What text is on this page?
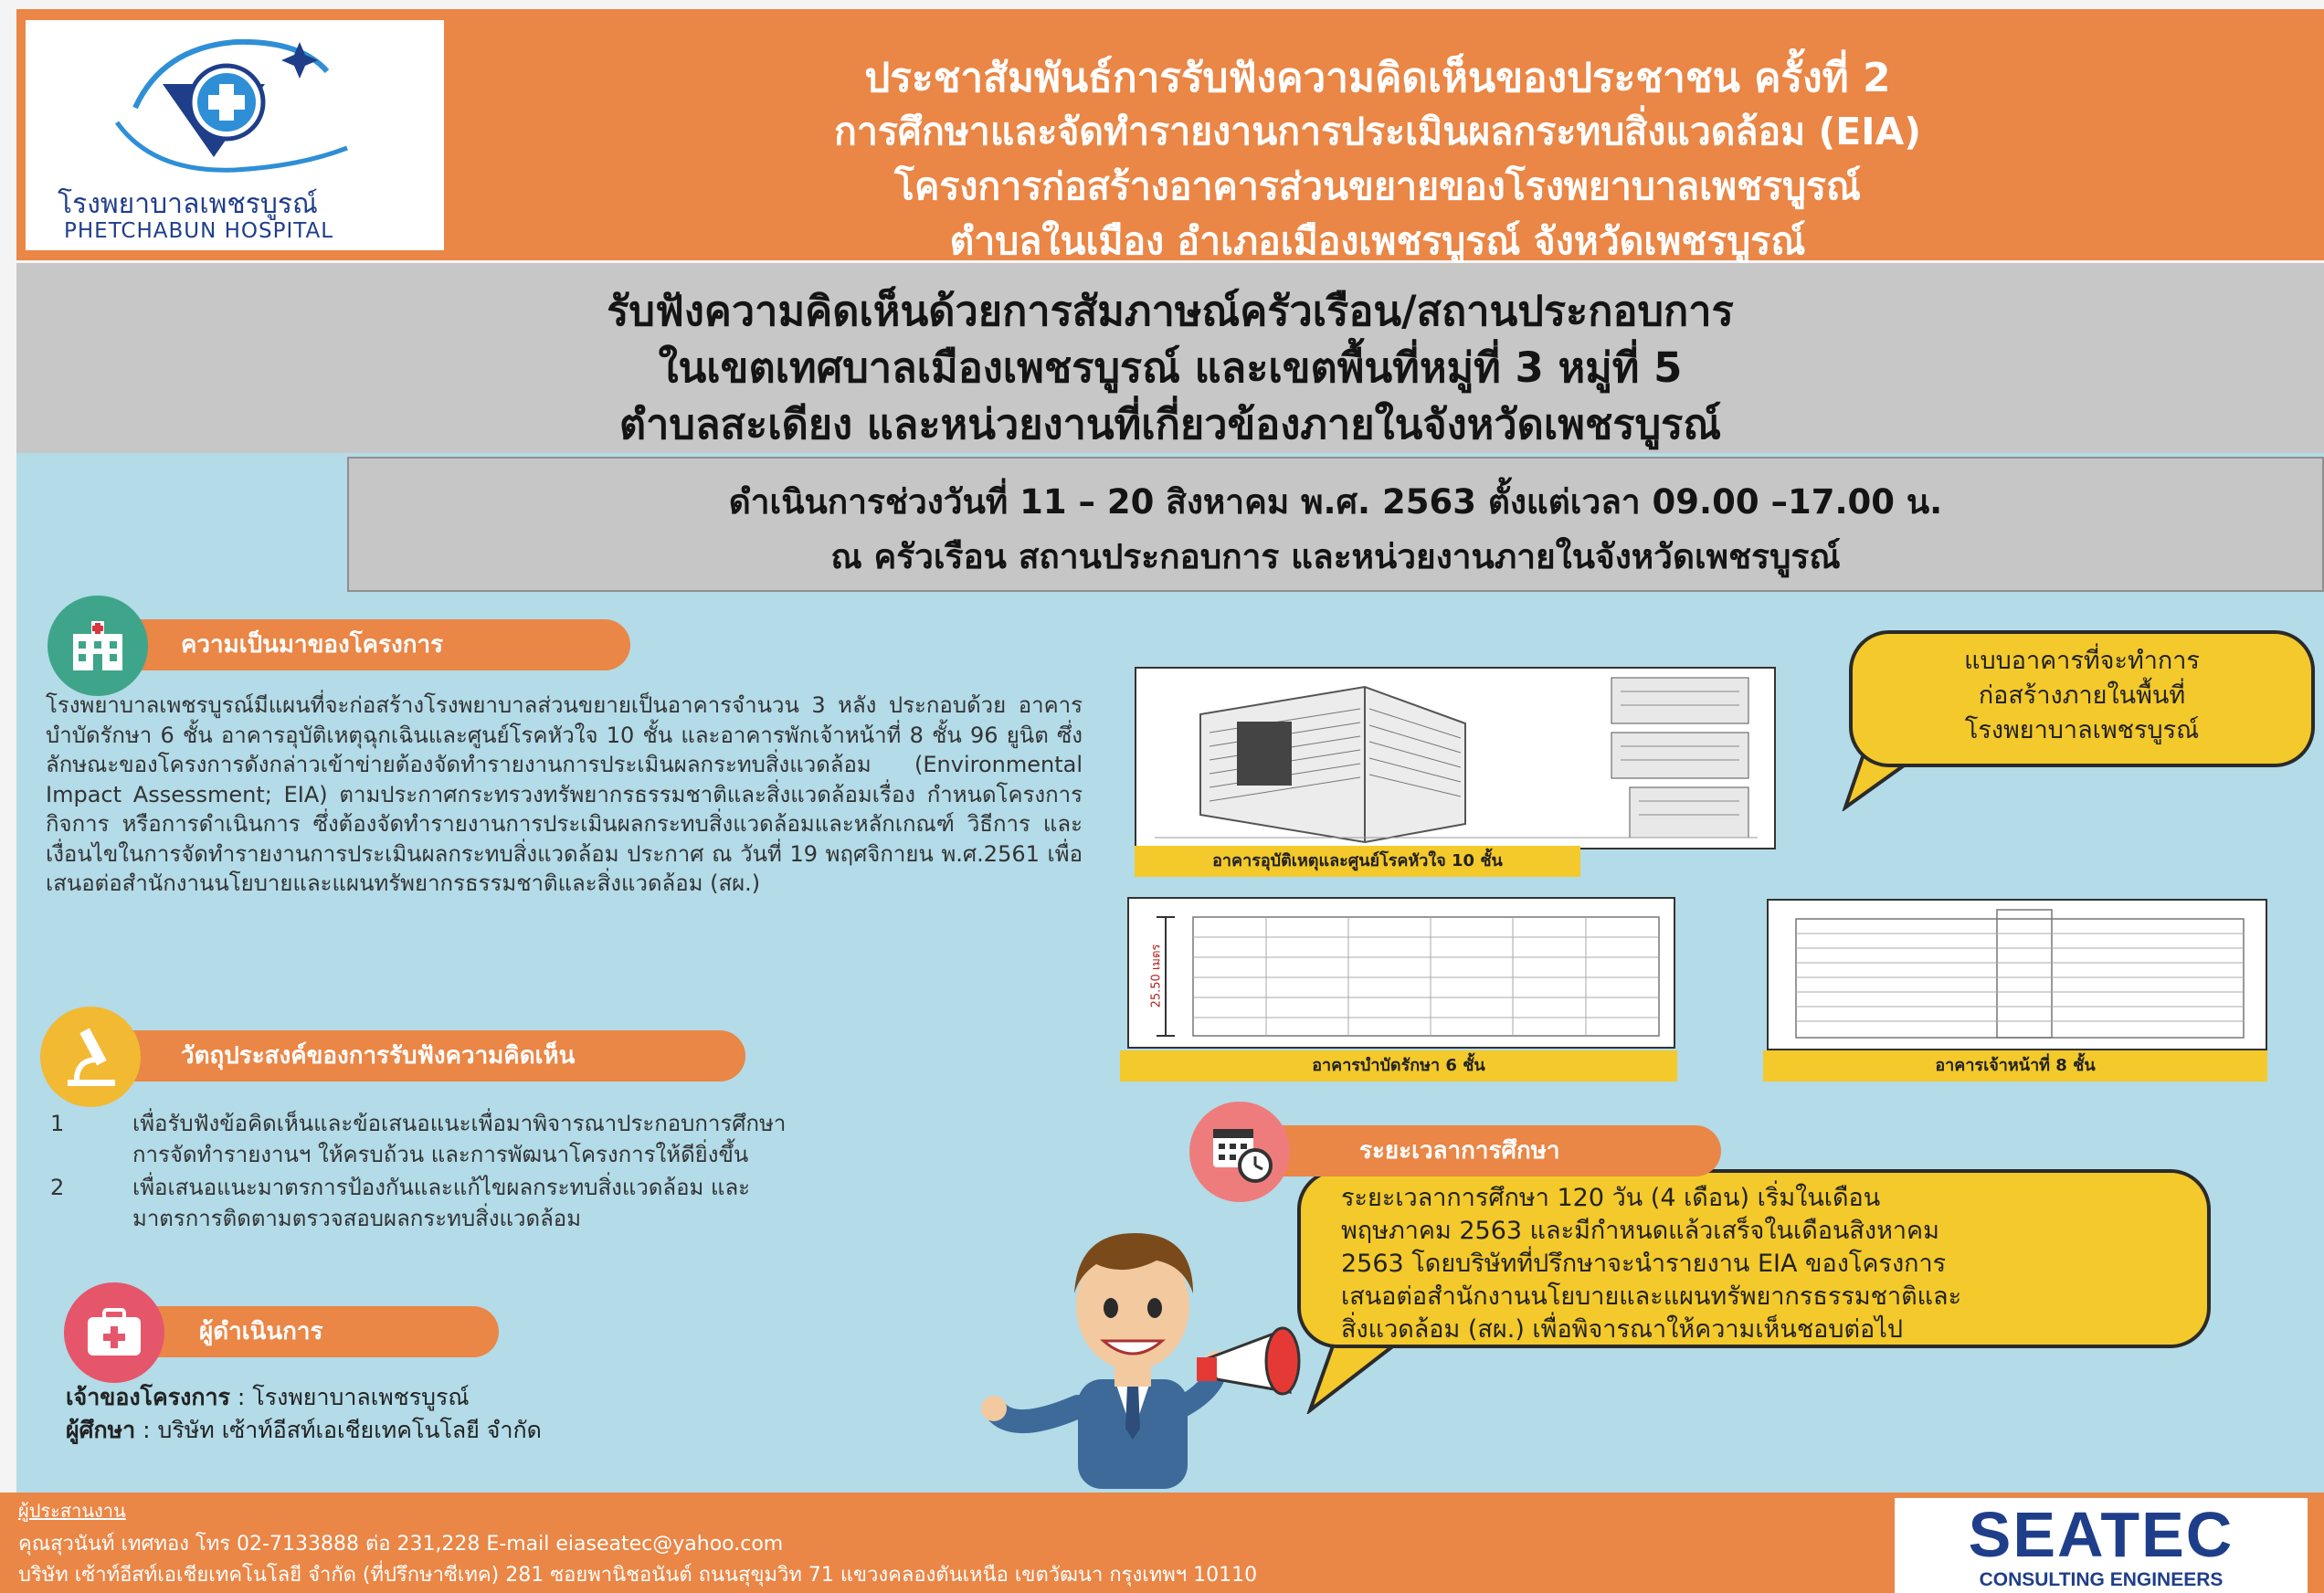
โรงพยาบาลเพชรบูรณ์
PHETCHABUN HOSPITAL
ประชาสัมพันธ์การรับฟังความคิดเห็นของประชาชน ครั้งที่ 2
การศึกษาและจัดทำรายงานการประเมินผลกระทบสิ่งแวดล้อม (EIA)
โครงการก่อสร้างอาคารส่วนขยายของโรงพยาบาลเพชรบูรณ์
ตำบลในเมือง อำเภอเมืองเพชรบูรณ์ จังหวัดเพชรบูรณ์
รับฟังความคิดเห็นด้วยการสัมภาษณ์ครัวเรือน/สถานประกอบการ
ในเขตเทศบาลเมืองเพชรบูรณ์ และเขตพื้นที่หมู่ที่ 3 หมู่ที่ 5
ตำบลสะเดียง และหน่วยงานที่เกี่ยวข้องภายในจังหวัดเพชรบูรณ์
ดำเนินการช่วงวันที่ 11 – 20 สิงหาคม พ.ศ. 2563 ตั้งแต่เวลา 09.00 –17.00 น.
ณ ครัวเรือน สถานประกอบการ และหน่วยงานภายในจังหวัดเพชรบูรณ์
ความเป็นมาของโครงการ
โรงพยาบาลเพชรบูรณ์มีแผนที่จะก่อสร้างโรงพยาบาลส่วนขยายเป็นอาคารจำนวน 3 หลัง ประกอบด้วย อาคารบำบัดรักษา 6 ชั้น อาคารอุบัติเหตุฉุกเฉินและศูนย์โรคหัวใจ 10 ชั้น และอาคารพักเจ้าหน้าที่ 8 ชั้น 96 ยูนิต ซึ่งลักษณะของโครงการดังกล่าวเข้าข่ายต้องจัดทำรายงานการประเมินผลกระทบสิ่งแวดล้อม (Environmental Impact Assessment; EIA) ตามประกาศกระทรวงทรัพยากรธรรมชาติและสิ่งแวดล้อมเรื่อง กำหนดโครงการ กิจการ หรือการดำเนินการ ซึ่งต้องจัดทำรายงานการประเมินผลกระทบสิ่งแวดล้อมและหลักเกณฑ์ วิธีการ และเงื่อนไขในการจัดทำรายงานการประเมินผลกระทบสิ่งแวดล้อม ประกาศ ณ วันที่ 19 พฤศจิกายน พ.ศ.2561 เพื่อเสนอต่อสำนักงานนโยบายและแผนทรัพยากรธรรมชาติและสิ่งแวดล้อม (สผ.)
วัตถุประสงค์ของการรับฟังความคิดเห็น
1	เพื่อรับฟังข้อคิดเห็นและข้อเสนอแนะเพื่อมาพิจารณาประกอบการศึกษา
การจัดทำรายงานฯ ให้ครบถ้วน และการพัฒนาโครงการให้ดียิ่งขึ้น
2	เพื่อเสนอแนะมาตรการป้องกันและแก้ไขผลกระทบสิ่งแวดล้อม และ
มาตรการติดตามตรวจสอบผลกระทบสิ่งแวดล้อม
ผู้ดำเนินการ
เจ้าของโครงการ : โรงพยาบาลเพชรบูรณ์
ผู้ศึกษา : บริษัท เซ้าท์อีสท์เอเชียเทคโนโลยี จำกัด
อาคารอุบัติเหตุและศูนย์โรคหัวใจ 10 ชั้น
25.50 เมตร
อาคารบำบัดรักษา 6 ชั้น	อาคารเจ้าหน้าที่ 8 ชั้น
แบบอาคารที่จะทำการ
ก่อสร้างภายในพื้นที่
โรงพยาบาลเพชรบูรณ์
ระยะเวลาการศึกษา 120 วัน (4 เดือน) เริ่มในเดือน
พฤษภาคม 2563 และมีกำหนดแล้วเสร็จในเดือนสิงหาคม
2563 โดยบริษัทที่ปรึกษาจะนำรายงาน EIA ของโครงการ
เสนอต่อสำนักงานนโยบายและแผนทรัพยากรธรรมชาติและ
สิ่งแวดล้อม (สผ.) เพื่อพิจารณาให้ความเห็นชอบต่อไป
ระยะเวลาการศึกษา
ผู้ประสานงาน
คุณสุวนันท์ เทศทอง โทร 02-7133888 ต่อ 231,228 E-mail eiaseatec@yahoo.com
บริษัท เซ้าท์อีสท์เอเชียเทคโนโลยี จำกัด (ที่ปรึกษาซีเทค) 281 ซอยพานิชอนันต์ ถนนสุขุมวิท 71 แขวงคลองตันเหนือ เขตวัฒนา กรุงเทพฯ 10110
SEATEC
CONSULTING ENGINEERS
